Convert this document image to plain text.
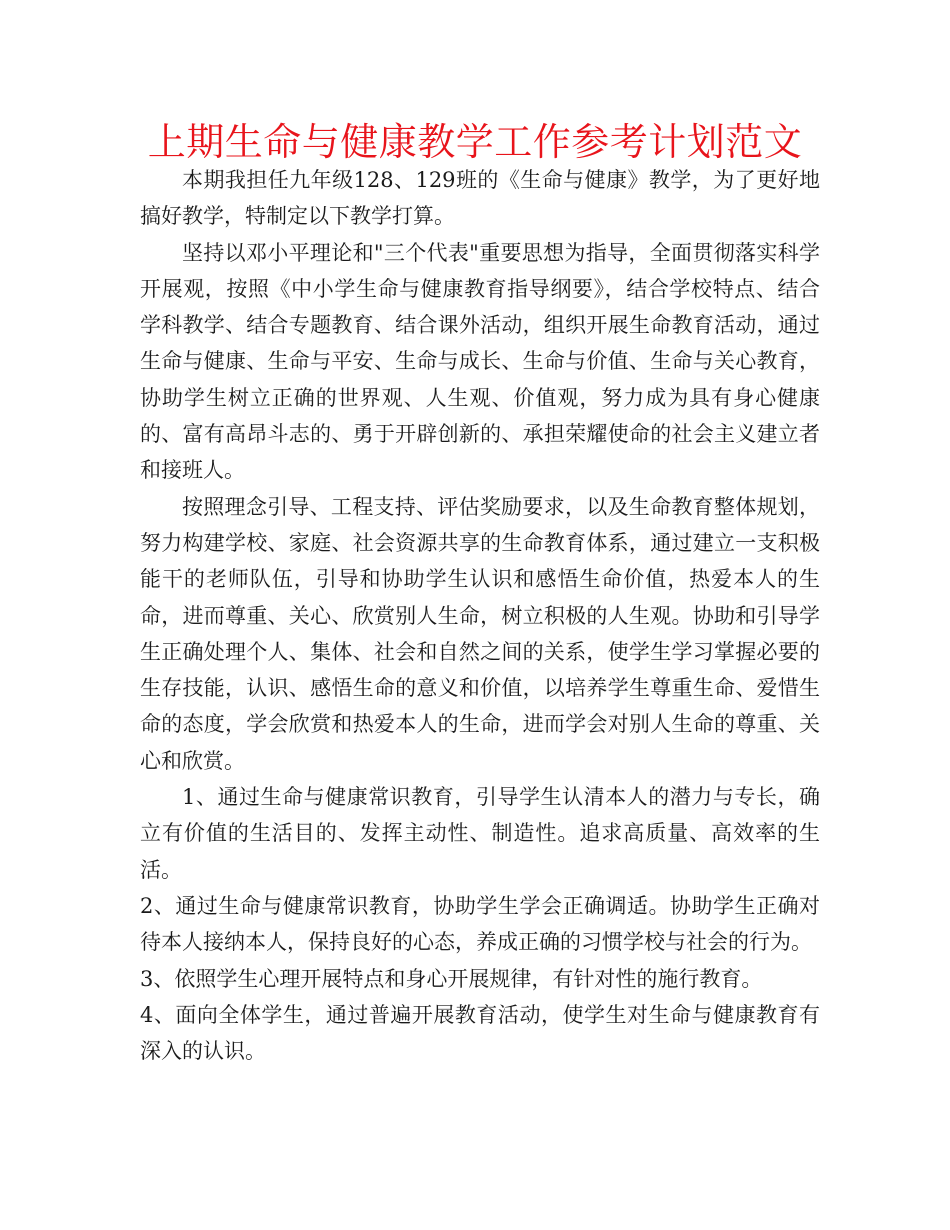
上期生命与健康教学工作参考计划范文

本期我担任九年级128、129班的《生命与健康》教学，为了更好地搞好教学，特制定以下教学打算。

坚持以邓小平理论和"三个代表"重要思想为指导，全面贯彻落实科学开展观，按照《中小学生命与健康教育指导纲要》，结合学校特点、结合学科教学、结合专题教育、结合课外活动，组织开展生命教育活动，通过生命与健康、生命与平安、生命与成长、生命与价值、生命与关心教育，协助学生树立正确的世界观、人生观、价值观，努力成为具有身心健康的、富有高昂斗志的、勇于开辟创新的、承担荣耀使命的社会主义建立者和接班人。

按照理念引导、工程支持、评估奖励要求，以及生命教育整体规划，努力构建学校、家庭、社会资源共享的生命教育体系，通过建立一支积极能干的老师队伍，引导和协助学生认识和感悟生命价值，热爱本人的生命，进而尊重、关心、欣赏别人生命，树立积极的人生观。协助和引导学生正确处理个人、集体、社会和自然之间的关系，使学生学习掌握必要的生存技能，认识、感悟生命的意义和价值，以培养学生尊重生命、爱惜生命的态度，学会欣赏和热爱本人的生命，进而学会对别人生命的尊重、关心和欣赏。

1、通过生命与健康常识教育，引导学生认清本人的潜力与专长，确立有价值的生活目的、发挥主动性、制造性。追求高质量、高效率的生活。

2、通过生命与健康常识教育，协助学生学会正确调适。协助学生正确对待本人接纳本人，保持良好的心态，养成正确的习惯学校与社会的行为。

3、依照学生心理开展特点和身心开展规律，有针对性的施行教育。

4、面向全体学生，通过普遍开展教育活动，使学生对生命与健康教育有深入的认识。
